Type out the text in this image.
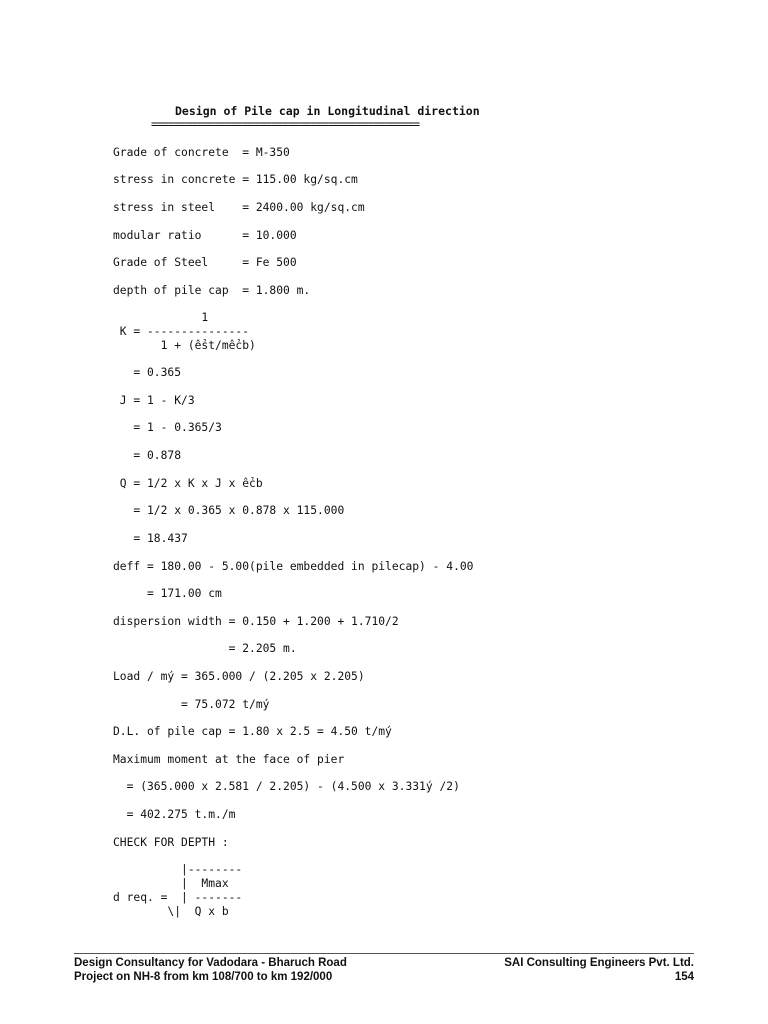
Design of Pile cap in Longitudinal direction
===============================================
Grade of concrete  = M-350
stress in concrete = 115.00 kg/sq.cm
stress in steel    = 2400.00 kg/sq.cm
modular ratio      = 10.000
Grade of Steel     = Fe 500
depth of pile cap  = 1.800 m.
1
K = ---------------
1 + (ểst/mểcb)
= 0.365
J = 1 - K/3
= 1 - 0.365/3
= 0.878
Q = 1/2 x K x J x ểcb
= 1/2 x 0.365 x 0.878 x 115.000
= 18.437
deff = 180.00 - 5.00(pile embedded in pilecap) - 4.00
= 171.00 cm
dispersion width = 0.150 + 1.200 + 1.710/2
= 2.205 m.
Load / mý = 365.000 / (2.205 x 2.205)
= 75.072 t/mý
D.L. of pile cap = 1.80 x 2.5 = 4.50 t/mý
Maximum moment at the face of pier
= (365.000 x 2.581 / 2.205) - (4.500 x 3.331ý /2)
= 402.275 t.m./m
CHECK FOR DEPTH :
|--------
|  Mmax
d req. =  | -------
\|  Q x b
Design Consultancy for Vadodara - Bharuch Road
Project on NH-8 from km 108/700 to km 192/000
SAI Consulting Engineers Pvt. Ltd.
154
